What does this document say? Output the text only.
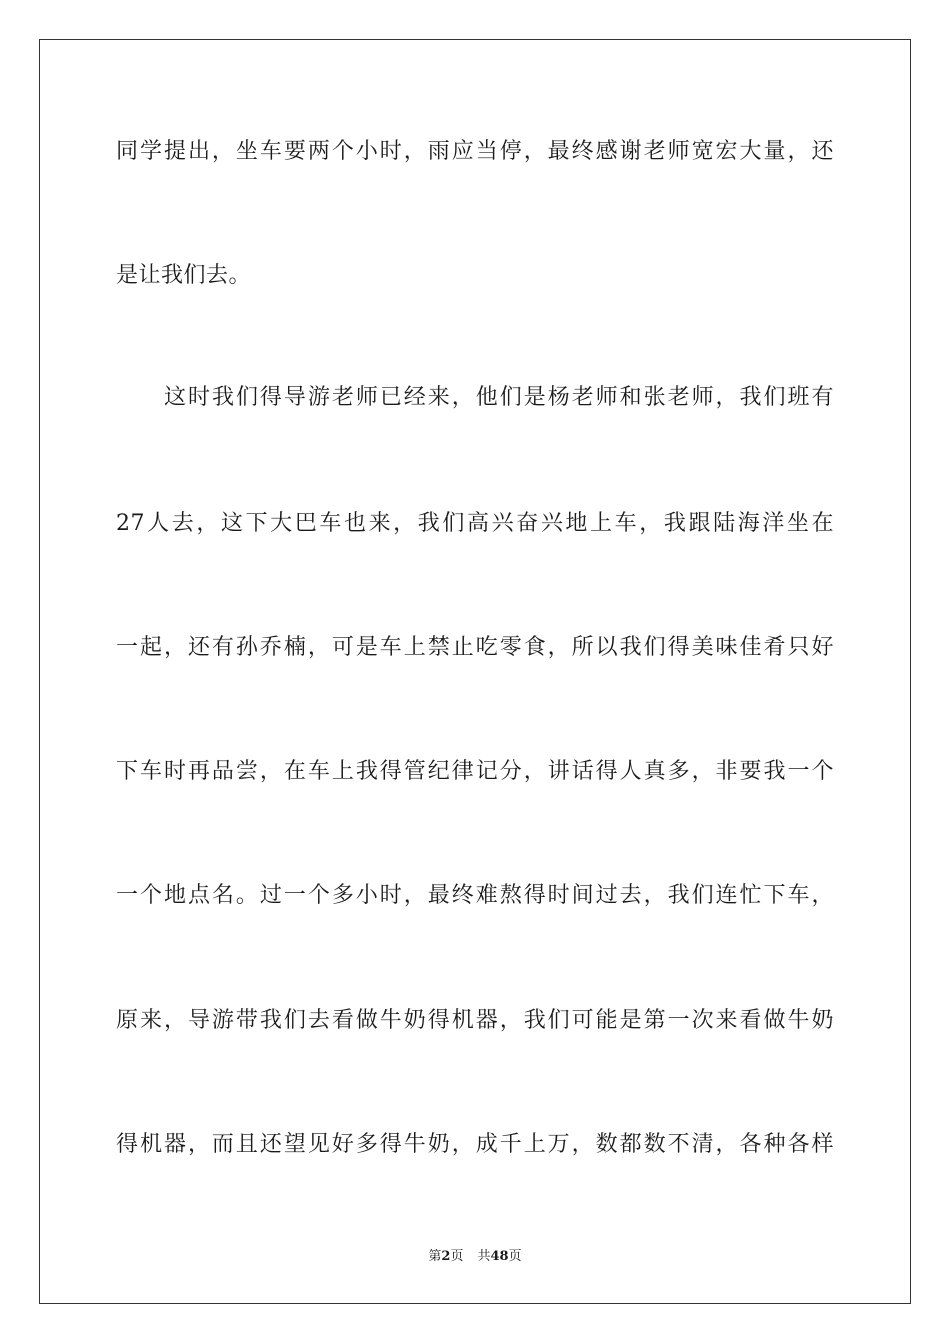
同学提出，坐车要两个小时，雨应当停，最终感谢老师宽宏大量，还
是让我们去。
这时我们得导游老师已经来，他们是杨老师和张老师，我们班有
27人去，这下大巴车也来，我们高兴奋兴地上车，我跟陆海洋坐在
一起，还有孙乔楠，可是车上禁止吃零食，所以我们得美味佳肴只好
下车时再品尝，在车上我得管纪律记分，讲话得人真多，非要我一个
一个地点名。过一个多小时，最终难熬得时间过去，我们连忙下车，
原来，导游带我们去看做牛奶得机器，我们可能是第一次来看做牛奶
得机器，而且还望见好多得牛奶，成千上万，数都数不清，各种各样
第2页 共48页
